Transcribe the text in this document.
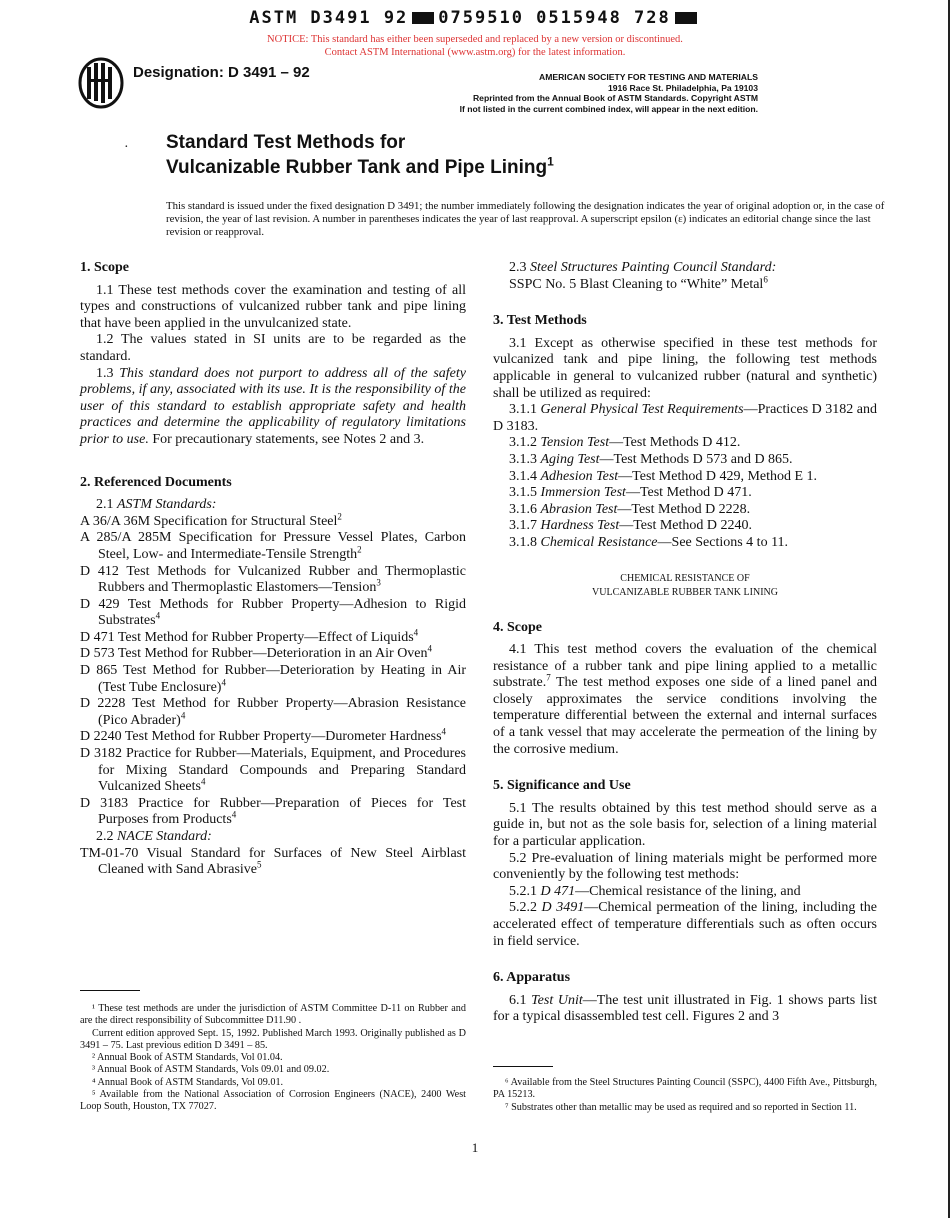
ASTM D3491 92 0759510 0515948 728
NOTICE: This standard has either been superseded and replaced by a new version or discontinued.
Contact ASTM International (www.astm.org) for the latest information.
Designation: D 3491 – 92	AMERICAN SOCIETY FOR TESTING AND MATERIALS
1916 Race St. Philadelphia, Pa 19103
Reprinted from the Annual Book of ASTM Standards. Copyright ASTM
If not listed in the current combined index, will appear in the next edition.
· Standard Test Methods for
Vulcanizable Rubber Tank and Pipe Lining$^1$
This standard is issued under the fixed designation D 3491; the number immediately following the designation indicates the year of original adoption or, in the case of revision, the year of last revision. A number in parentheses indicates the year of last reapproval. A superscript epsilon (ε) indicates an editorial change since the last revision or reapproval.

1. Scope

1.1 These test methods cover the examination and testing of all types and constructions of vulcanized rubber tank and pipe lining that have been applied in the unvulcanized state.

1.2 The values stated in SI units are to be regarded as the standard.

1.3 This standard does not purport to address all of the safety problems, if any, associated with its use. It is the responsibility of the user of this standard to establish appropriate safety and health practices and determine the applicability of regulatory limitations prior to use. For precautionary statements, see Notes 2 and 3.

2. Referenced Documents

2.1 ASTM Standards:

A 36/A 36M Specification for Structural Steel$^2$

A 285/A 285M Specification for Pressure Vessel Plates, Carbon Steel, Low- and Intermediate-Tensile Strength$^2$

D 412 Test Methods for Vulcanized Rubber and Thermoplastic Rubbers and Thermoplastic Elastomers—Tension$^3$

D 429 Test Methods for Rubber Property—Adhesion to Rigid Substrates$^4$

D 471 Test Method for Rubber Property—Effect of Liquids$^4$

D 573 Test Method for Rubber—Deterioration in an Air Oven$^4$

D 865 Test Method for Rubber—Deterioration by Heating in Air (Test Tube Enclosure)$^4$

D 2228 Test Method for Rubber Property—Abrasion Resistance (Pico Abrader)$^4$

D 2240 Test Method for Rubber Property—Durometer Hardness$^4$

D 3182 Practice for Rubber—Materials, Equipment, and Procedures for Mixing Standard Compounds and Preparing Standard Vulcanized Sheets$^4$

D 3183 Practice for Rubber—Preparation of Pieces for Test Purposes from Products$^4$

2.2 NACE Standard:

TM-01-70 Visual Standard for Surfaces of New Steel Airblast Cleaned with Sand Abrasive$^5$

2.3 Steel Structures Painting Council Standard:

SSPC No. 5 Blast Cleaning to “White” Metal$^6$

3. Test Methods

3.1 Except as otherwise specified in these test methods for vulcanized tank and pipe lining, the following test methods applicable in general to vulcanized rubber (natural and synthetic) shall be utilized as required:

3.1.1 General Physical Test Requirements—Practices D 3182 and D 3183.

3.1.2 Tension Test—Test Methods D 412.

3.1.3 Aging Test—Test Methods D 573 and D 865.

3.1.4 Adhesion Test—Test Method D 429, Method E 1.

3.1.5 Immersion Test—Test Method D 471.

3.1.6 Abrasion Test—Test Method D 2228.

3.1.7 Hardness Test—Test Method D 2240.

3.1.8 Chemical Resistance—See Sections 4 to 11.

CHEMICAL RESISTANCE OF
VULCANIZABLE RUBBER TANK LINING

4. Scope

4.1 This test method covers the evaluation of the chemical resistance of a rubber tank and pipe lining applied to a metallic substrate.$^7$ The test method exposes one side of a lined panel and closely approximates the service conditions involving the temperature differential between the external and internal surfaces of a tank vessel that may accelerate the permeation of the lining by the corrosive medium.

5. Significance and Use

5.1 The results obtained by this test method should serve as a guide in, but not as the sole basis for, selection of a lining material for a particular application.

5.2 Pre-evaluation of lining materials might be performed more conveniently by the following test methods:

5.2.1 D 471—Chemical resistance of the lining, and

5.2.2 D 3491—Chemical permeation of the lining, including the accelerated effect of temperature differentials such as often occurs in field service.

6. Apparatus

6.1 Test Unit—The test unit illustrated in Fig. 1 shows parts list for a typical disassembled test cell. Figures 2 and 3

¹ These test methods are under the jurisdiction of ASTM Committee D-11 on Rubber and are the direct responsibility of Subcommittee D11.90 .

Current edition approved Sept. 15, 1992. Published March 1993. Originally published as D 3491 – 75. Last previous edition D 3491 – 85.

² Annual Book of ASTM Standards, Vol 01.04.

³ Annual Book of ASTM Standards, Vols 09.01 and 09.02.

⁴ Annual Book of ASTM Standards, Vol 09.01.

⁵ Available from the National Association of Corrosion Engineers (NACE), 2400 West Loop South, Houston, TX 77027.

⁶ Available from the Steel Structures Painting Council (SSPC), 4400 Fifth Ave., Pittsburgh, PA 15213.

⁷ Substrates other than metallic may be used as required and so reported in Section 11.

1
